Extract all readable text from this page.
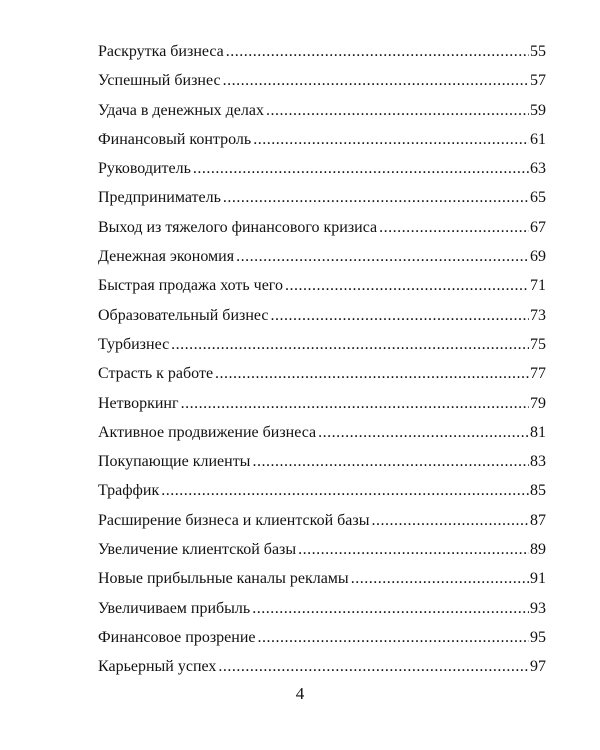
Раскрутка бизнеса .....	55
Успешный бизнес .....	57
Удача в денежных делах .....	59
Финансовый контроль .....	61
Руководитель .....	63
Предприниматель .....	65
Выход из тяжелого финансового кризиса .....	67
Денежная экономия .....	69
Быстрая продажа хоть чего .....	71
Образовательный бизнес .....	73
Турбизнес .....	75
Страсть к работе .....	77
Нетворкинг .....	79
Активное продвижение бизнеса .....	81
Покупающие клиенты .....	83
Траффик .....	85
Расширение бизнеса и клиентской базы .....	87
Увеличение клиентской базы .....	89
Новые прибыльные каналы рекламы .....	91
Увеличиваем прибыль .....	93
Финансовое прозрение .....	95
Карьерный успех .....	97
4
